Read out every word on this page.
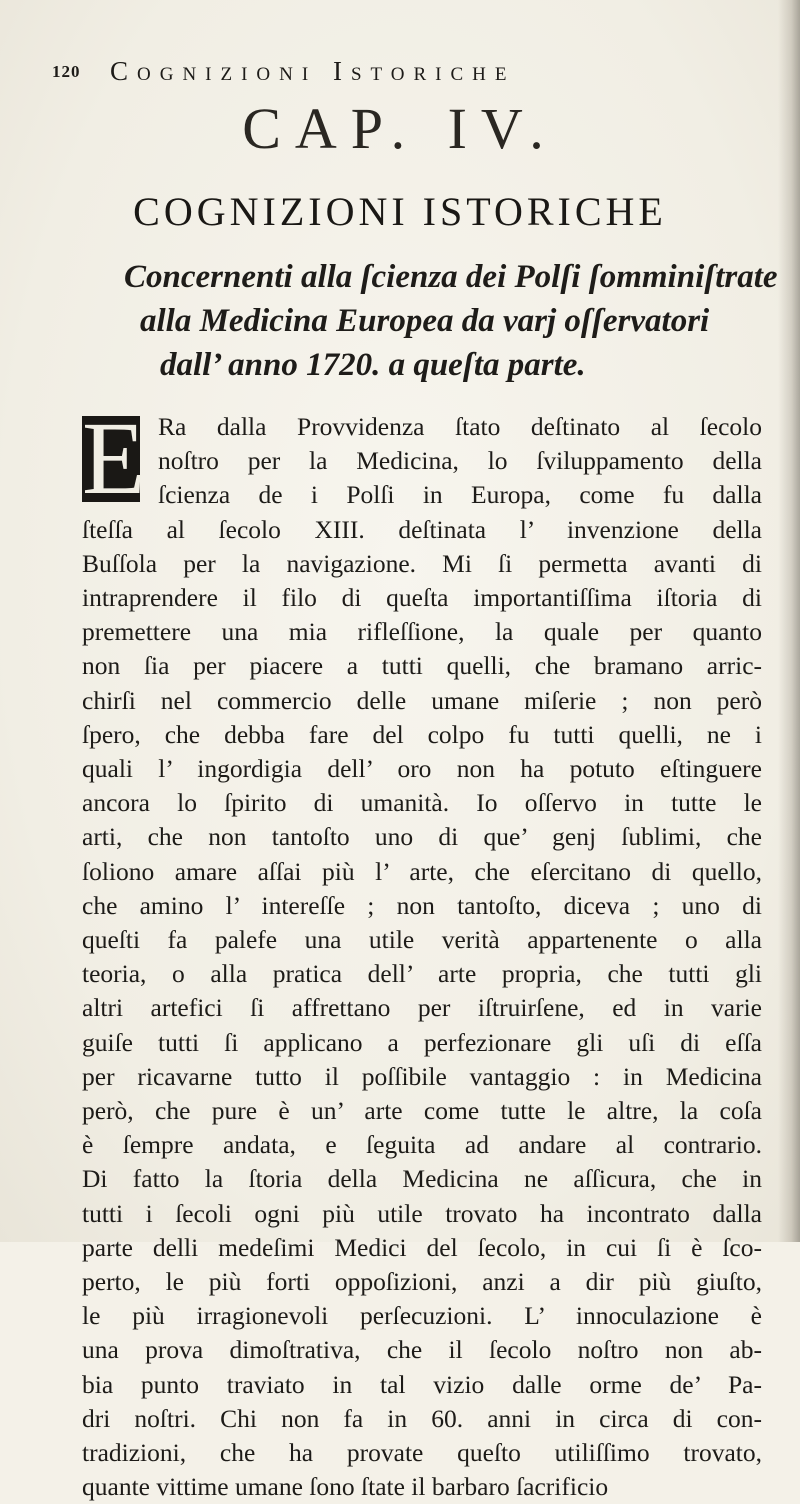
120 Cognizioni Istoriche
CAP. IV.
COGNIZIONI ISTORICHE
Concernenti alla ſcienza dei Polſi ſomminiſtrate
alla Medicina Europea da varj oſſervatori
dall’ anno 1720. a queſta parte.
E Ra dalla Provvidenza ſtato deſtinato al ſecolo
noſtro per la Medicina, lo ſviluppamento della
ſcienza de i Polſi in Europa, come fu dalla
ſteſſa al ſecolo XIII. deſtinata l’ invenzione della
Buſſola per la navigazione. Mi ſi permetta avanti di
intraprendere il filo di queſta importantiſſima iſtoria di
premettere una mia rifleſſione, la quale per quanto
non ſia per piacere a tutti quelli, che bramano arric-
chirſi nel commercio delle umane miſerie ; non però
ſpero, che debba fare del colpo fu tutti quelli, ne i
quali l’ ingordigia dell’ oro non ha potuto eſtinguere
ancora lo ſpirito di umanità. Io oſſervo in tutte le
arti, che non tantoſto uno di que’ genj ſublimi, che
ſoliono amare aſſai più l’ arte, che eſercitano di quello,
che amino l’ intereſſe ; non tantoſto, diceva ; uno di
queſti fa palefe una utile verità appartenente o alla
teoria, o alla pratica dell’ arte propria, che tutti gli
altri artefici ſi affrettano per iſtruirſene, ed in varie
guiſe tutti ſi applicano a perfezionare gli uſi di eſſa
per ricavarne tutto il poſſibile vantaggio : in Medicina
però, che pure è un’ arte come tutte le altre, la coſa
è ſempre andata, e ſeguita ad andare al contrario.
Di fatto la ſtoria della Medicina ne aſſicura, che in
tutti i ſecoli ogni più utile trovato ha incontrato dalla
parte delli medeſimi Medici del ſecolo, in cui ſi è ſco-
perto, le più forti oppoſizioni, anzi a dir più giuſto,
le più irragionevoli perſecuzioni. L’ innoculazione è
una prova dimoſtrativa, che il ſecolo noſtro non ab-
bia punto traviato in tal vizio dalle orme de’ Pa-
dri noſtri. Chi non fa in 60. anni in circa di con-
tradizioni, che ha provate queſto utiliſſimo trovato,
quante vittime umane ſono ſtate il barbaro ſacrificio
